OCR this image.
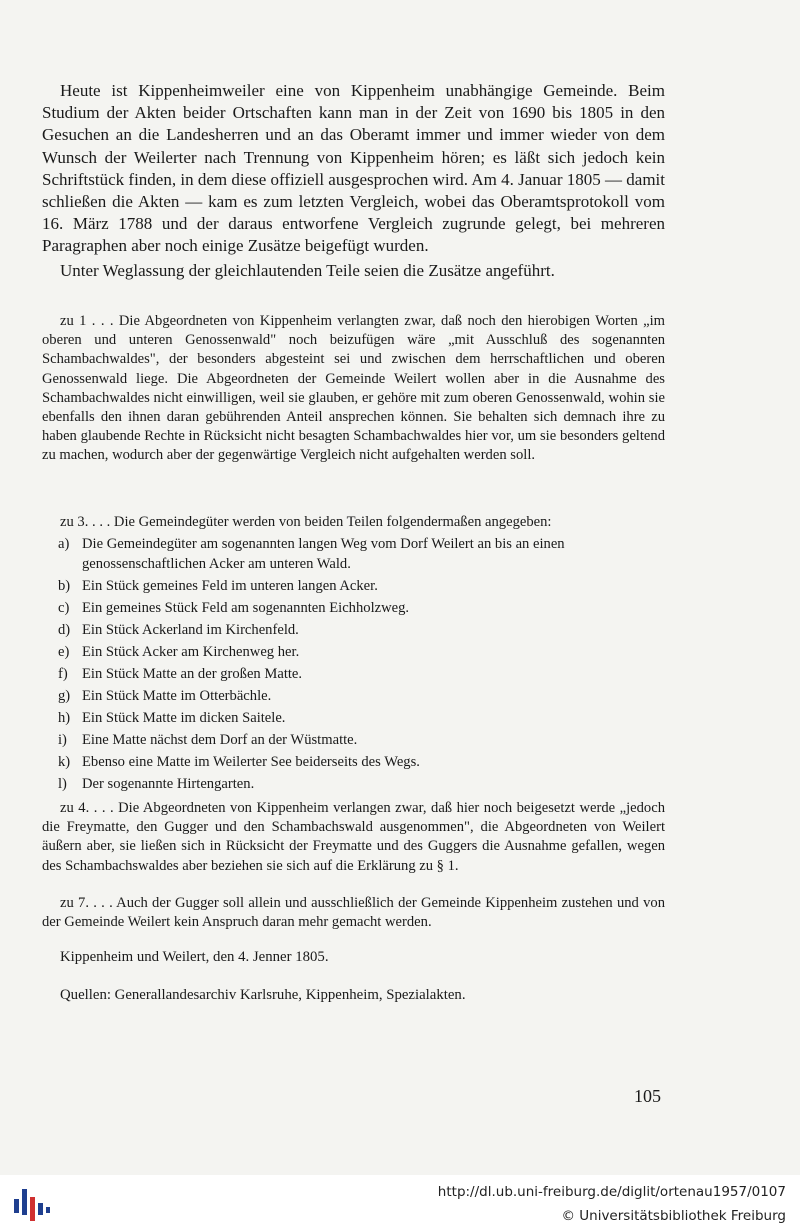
Heute ist Kippenheimweiler eine von Kippenheim unabhängige Gemeinde. Beim Studium der Akten beider Ortschaften kann man in der Zeit von 1690 bis 1805 in den Gesuchen an die Landesherren und an das Oberamt immer und immer wieder von dem Wunsch der Weilerter nach Trennung von Kippenheim hören; es läßt sich jedoch kein Schriftstück finden, in dem diese offiziell ausgesprochen wird. Am 4. Januar 1805 — damit schließen die Akten — kam es zum letzten Vergleich, wobei das Oberamtsprotokoll vom 16. März 1788 und der daraus entworfene Vergleich zugrunde gelegt, bei mehreren Paragraphen aber noch einige Zusätze beigefügt wurden.

Unter Weglassung der gleichlautenden Teile seien die Zusätze angeführt.

zu 1 . . . Die Abgeordneten von Kippenheim verlangten zwar, daß noch den hierobigen Worten „im oberen und unteren Genossenwald" noch beizufügen wäre „mit Ausschluß des sogenannten Schambachwaldes", der besonders abgesteint sei und zwischen dem herrschaftlichen und oberen Genossenwald liege. Die Abgeordneten der Gemeinde Weilert wollen aber in die Ausnahme des Schambachwaldes nicht einwilligen, weil sie glauben, er gehöre mit zum oberen Genossenwald, wohin sie ebenfalls den ihnen daran gebührenden Anteil ansprechen können. Sie behalten sich demnach ihre zu haben glaubende Rechte in Rücksicht nicht besagten Schambachwaldes hier vor, um sie besonders geltend zu machen, wodurch aber der gegenwärtige Vergleich nicht aufgehalten werden soll.

zu 3. . . . Die Gemeindegüter werden von beiden Teilen folgendermaßen angegeben:

a) Die Gemeindegüter am sogenannten langen Weg vom Dorf Weilert an bis an einen genossenschaftlichen Acker am unteren Wald.
b) Ein Stück gemeines Feld im unteren langen Acker.
c) Ein gemeines Stück Feld am sogenannten Eichholzweg.
d) Ein Stück Ackerland im Kirchenfeld.
e) Ein Stück Acker am Kirchenweg her.
f) Ein Stück Matte an der großen Matte.
g) Ein Stück Matte im Otterbächle.
h) Ein Stück Matte im dicken Saitele.
i) Eine Matte nächst dem Dorf an der Wüstmatte.
k) Ebenso eine Matte im Weilerter See beiderseits des Wegs.
l) Der sogenannte Hirtengarten.

zu 4. . . . Die Abgeordneten von Kippenheim verlangen zwar, daß hier noch beigesetzt werde „jedoch die Freymatte, den Gugger und den Schambachswald ausgenommen", die Abgeordneten von Weilert äußern aber, sie ließen sich in Rücksicht der Freymatte und des Guggers die Ausnahme gefallen, wegen des Schambachswaldes aber beziehen sie sich auf die Erklärung zu § 1.

zu 7. . . . Auch der Gugger soll allein und ausschließlich der Gemeinde Kippenheim zustehen und von der Gemeinde Weilert kein Anspruch daran mehr gemacht werden.

Kippenheim und Weilert, den 4. Jenner 1805.

Quellen: Generallandesarchiv Karlsruhe, Kippenheim, Spezialakten.

105
http://dl.ub.uni-freiburg.de/diglit/ortenau1957/0107
© Universitätsbibliothek Freiburg
